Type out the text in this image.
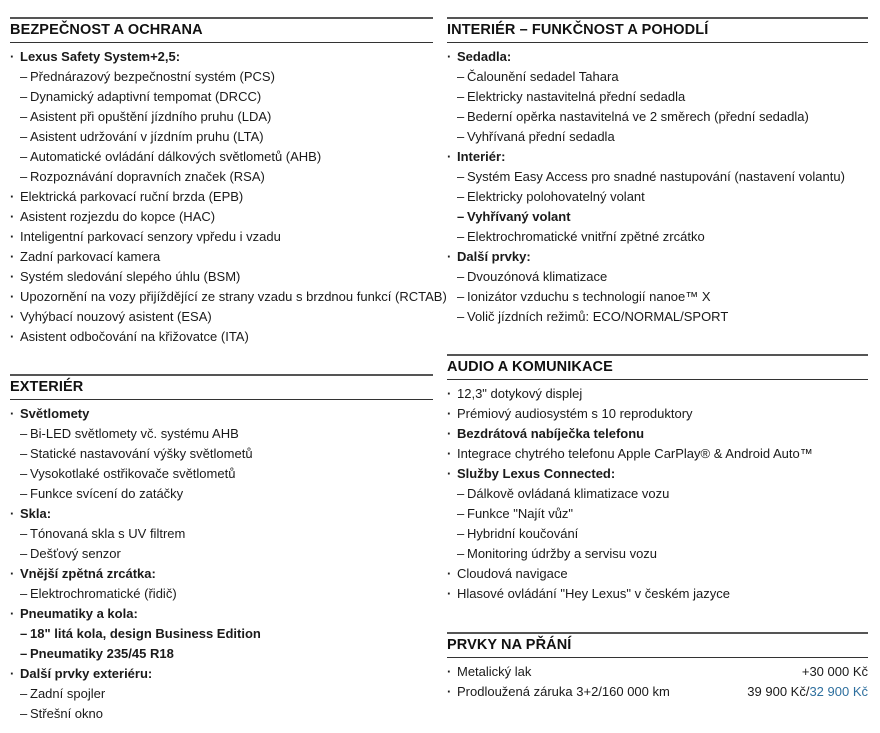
BEZPEČNOST A OCHRANA
· Lexus Safety System+2,5:
– Přednárazový bezpečnostní systém (PCS)
– Dynamický adaptivní tempomat (DRCC)
– Asistent při opuštění jízdního pruhu (LDA)
– Asistent udržování v jízdním pruhu (LTA)
– Automatické ovládání dálkových světlometů (AHB)
– Rozpoznávání dopravních značek (RSA)
· Elektrická parkovací ruční brzda (EPB)
· Asistent rozjezdu do kopce (HAC)
· Inteligentní parkovací senzory vpředu i vzadu
· Zadní parkovací kamera
· Systém sledování slepého úhlu (BSM)
· Upozornění na vozy přijíždějící ze strany vzadu s brzdnou funkcí (RCTAB)
· Vyhýbací nouzový asistent (ESA)
· Asistent odbočování na křižovatce (ITA)
EXTERIÉR
· Světlomety
– Bi-LED světlomety vč. systému AHB
– Statické nastavování výšky světlometů
– Vysokotlaké ostřikovače světlometů
– Funkce svícení do zatáčky
· Skla:
– Tónovaná skla s UV filtrem
– Dešťový senzor
· Vnější zpětná zrcátka:
– Elektrochromatické (řidič)
· Pneumatiky a kola:
– 18" litá kola, design Business Edition
– Pneumatiky 235/45 R18
· Další prvky exteriéru:
– Zadní spojler
– Střešní okno
INTERIÉR – FUNKČNOST A POHODLÍ
· Sedadla:
– Čalounění sedadel Tahara
– Elektricky nastavitelná přední sedadla
– Bederní opěrka nastavitelná ve 2 směrech (přední sedadla)
– Vyhřívaná přední sedadla
· Interiér:
– Systém Easy Access pro snadné nastupování (nastavení volantu)
– Elektricky polohovatelný volant
– Vyhřívaný volant
– Elektrochromatické vnitřní zpětné zrcátko
· Další prvky:
– Dvouzónová klimatizace
– Ionizátor vzduchu s technologií nanoe™ X
– Volič jízdních režimů: ECO/NORMAL/SPORT
AUDIO A KOMUNIKACE
· 12,3" dotykový displej
· Prémiový audiosystém s 10 reproduktory
· Bezdrátová nabíječka telefonu
· Integrace chytrého telefonu Apple CarPlay® & Android Auto™
· Služby Lexus Connected:
– Dálkově ovládaná klimatizace vozu
– Funkce "Najít vůz"
– Hybridní koučování
– Monitoring údržby a servisu vozu
· Cloudová navigace
· Hlasové ovládání "Hey Lexus" v českém jazyce
PRVKY NA PŘÁNÍ
· Metalický lak	+30 000 Kč
· Prodloužená záruka 3+2/160 000 km	39 900 Kč/32 900 Kč
